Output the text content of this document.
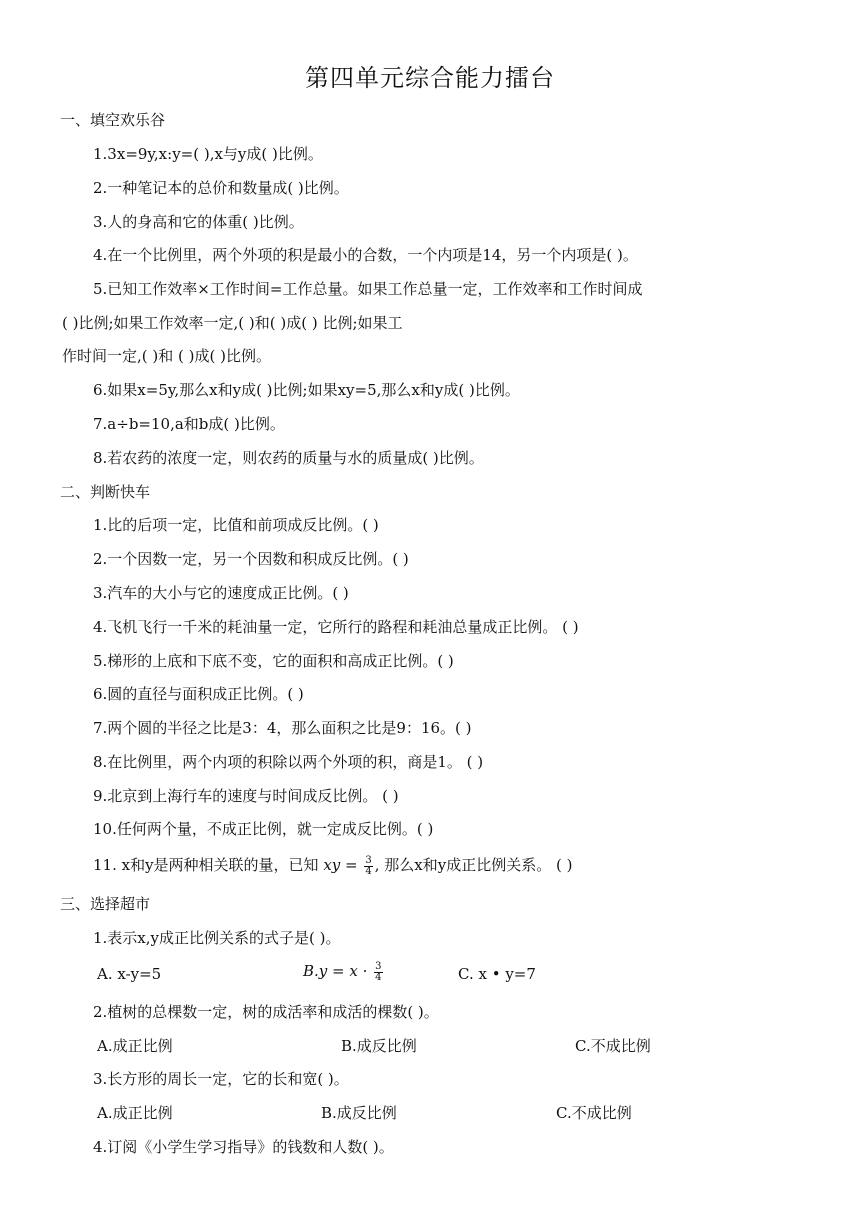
第四单元综合能力擂台
一、填空欢乐谷
1.3x=9y,x:y=( ),x与y成( )比例。
2.一种笔记本的总价和数量成( )比例。
3.人的身高和它的体重( )比例。
4.在一个比例里，两个外项的积是最小的合数，一个内项是14，另一个内项是( )。
5.已知工作效率×工作时间=工作总量。如果工作总量一定，工作效率和工作时间成
( )比例;如果工作效率一定,( )和( )成( ) 比例;如果工
作时间一定,( )和 ( )成( )比例。
6.如果x=5y,那么x和y成( )比例;如果xy=5,那么x和y成( )比例。
7.a÷b=10,a和b成( )比例。
8.若农药的浓度一定，则农药的质量与水的质量成( )比例。
二、判断快车
1.比的后项一定，比值和前项成反比例。( )
2.一个因数一定，另一个因数和积成反比例。( )
3.汽车的大小与它的速度成正比例。( )
4.飞机飞行一千米的耗油量一定，它所行的路程和耗油总量成正比例。 ( )
5.梯形的上底和下底不变，它的面积和高成正比例。( )
6.圆的直径与面积成正比例。( )
7.两个圆的半径之比是3：4，那么面积之比是9：16。( )
8.在比例里，两个内项的积除以两个外项的积，商是1。 ( )
9.北京到上海行车的速度与时间成反比例。 ( )
10.任何两个量，不成正比例，就一定成反比例。( )
11. x和y是两种相关联的量，已知 xy = $\frac{3}{4}$ , 那么x和y成正比例关系。 ( )
三、选择超市
1.表示x,y成正比例关系的式子是( )。
A. x-y=5	$B.y = x \cdot \frac{3}{4}$	C. x • y=7
2.植树的总棵数一定，树的成活率和成活的棵数( )。
A.成正比例	B.成反比例	C.不成比例
3.长方形的周长一定，它的长和宽( )。
A.成正比例	B.成反比例	C.不成比例
4.订阅《小学生学习指导》的钱数和人数( )。
